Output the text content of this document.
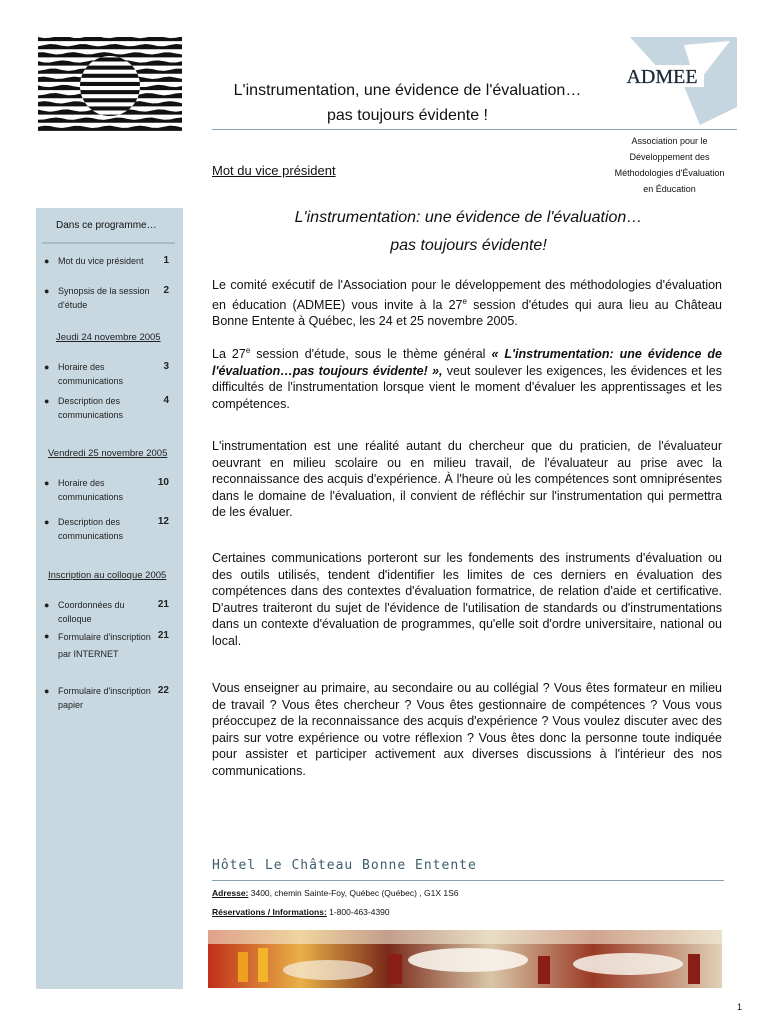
L'instrumentation, une évidence de l'évaluation…
pas toujours évidente !
ADMEE
Association pour le
Développement des
Méthodologies d'Évaluation
en Éducation
Mot du vice président
Dans ce programme…
● Mot du vice président	1
● Synopsis de la session d'étude
2
Jeudi 24 novembre 2005
● Horaire des communications
3
● Description des communications
4
Vendredi 25 novembre 2005
● Horaire des communications
10
● Description des communications
12
Inscription au colloque 2005
● Coordonnées du colloque
21
● Formulaire d'inscription par INTERNET
21
● Formulaire d'inscription papier
22
L'instrumentation: une évidence de l'évaluation…
pas toujours évidente!
Le comité exécutif de l'Association pour le développement des méthodologies d'évaluation en éducation (ADMEE) vous invite à la 27e session d'études qui aura lieu au Château Bonne Entente à Québec, les 24 et 25 novembre 2005.
La 27e session d'étude, sous le thème général « L'instrumentation: une évidence de l'évaluation…pas toujours évidente! », veut soulever les exigences, les évidences et les difficultés de l'instrumentation lorsque vient le moment d'évaluer les apprentissages et les compétences.
L'instrumentation est une réalité autant du chercheur que du praticien, de l'évaluateur oeuvrant en milieu scolaire ou en milieu travail, de l'évaluateur au prise avec la reconnaissance des acquis d'expérience. À l'heure où les compétences sont omniprésentes dans le domaine de l'évaluation, il convient de réfléchir sur l'instrumentation qui permettra de les évaluer.
Certaines communications porteront sur les fondements des instruments d'évaluation ou des outils utilisés, tendent d'identifier les limites de ces derniers en évaluation des compétences dans des contextes d'évaluation formatrice, de relation d'aide et certificative. D'autres traiteront du sujet de l'évidence de l'utilisation de standards ou d'instrumentations dans un contexte d'évaluation de programmes, qu'elle soit d'ordre universitaire, national ou local.
Vous enseigner au primaire, au secondaire ou au collégial ? Vous êtes formateur en milieu de travail ? Vous êtes chercheur ? Vous êtes gestionnaire de compétences ? Vous vous préoccupez de la reconnaissance des acquis d'expérience ? Vous voulez discuter avec des pairs sur votre expérience ou votre réflexion ? Vous êtes donc la personne toute indiquée pour assister et participer activement aux diverses discussions à l'intérieur des nos communications.
Hôtel Le Château Bonne Entente
Adresse: 3400, chemin Sainte-Foy, Québec (Québec) , G1X 1S6
Réservations / Informations: 1-800-463-4390
1
